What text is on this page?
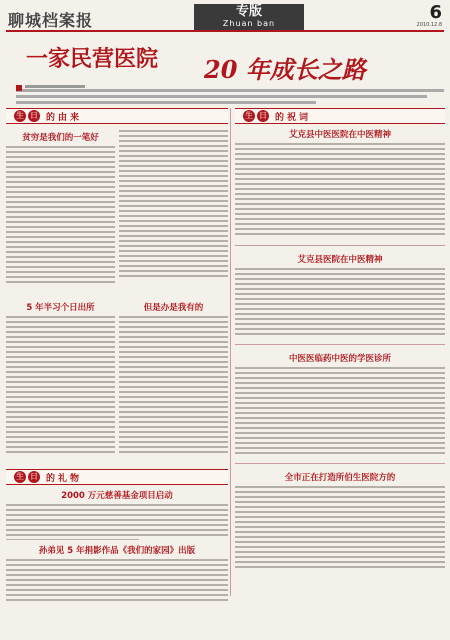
聊城档案报	专版
Zhuan ban
6
2010.12.8
一家民营医院 20 年成长之路
生 日 的 由 来
贫穷是我们的一笔好
5 年半习个日出所	但是办是我有的
生 日 的 礼 物
2000 万元慈善基金项目启动
孙弟见 5 年捐影作品《我们的家园》出版
生 日 的 祝 词
艾克县中医医院在中医精神
艾克县医院在中医精神
中医医临药中医的学医诊所
全市正在打造所伯生医院方的
